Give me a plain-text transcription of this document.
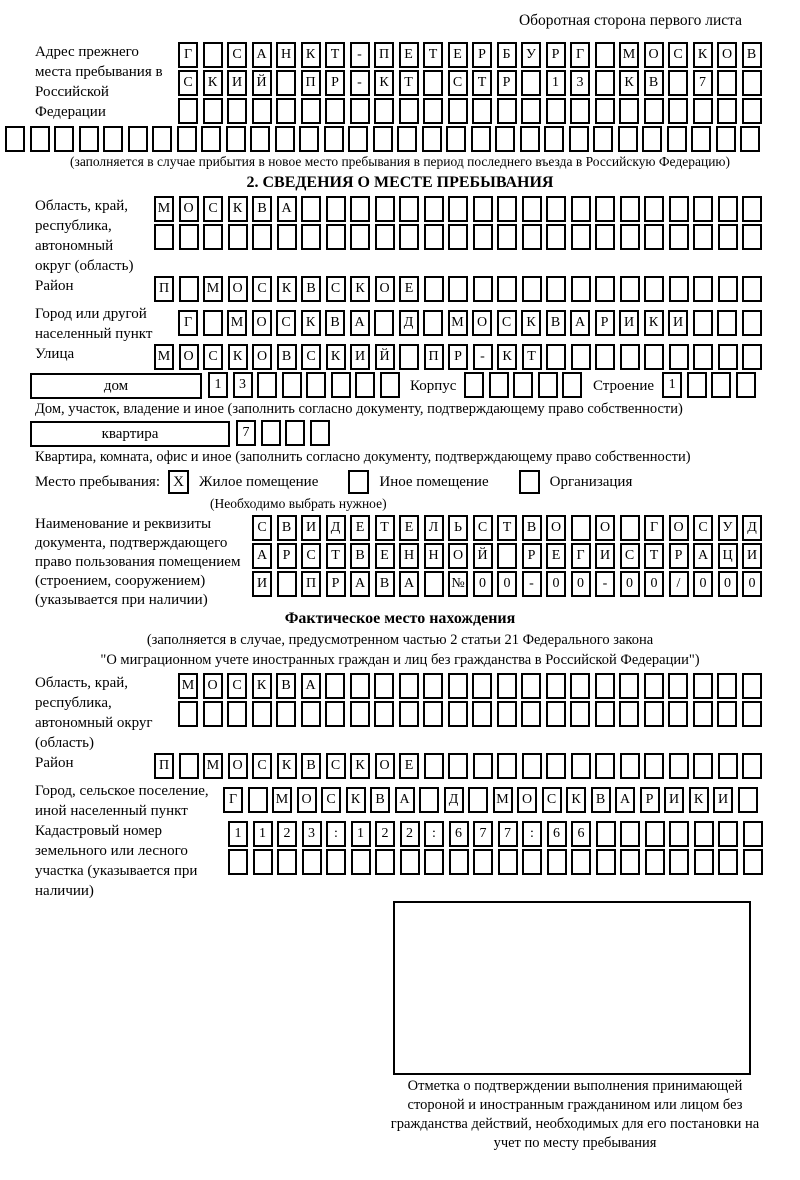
Оборотная сторона первого листа
Адрес прежнего места пребывания в Российской Федерации
Г	С А Н К Т - П Е Т Е Р Б У Р Г	М О С К О В
С К И Й	П Р - К Т	С Т Р	1 3	К В	7
(заполняется в случае прибытия в новое место пребывания в период последнего въезда в Российскую Федерацию)
2. СВЕДЕНИЯ О МЕСТЕ ПРЕБЫВАНИЯ
Область, край, республика, автономный округ (область)
М О С К В А
Район	П	М О С К В С К О Е
Город или другой населенный пункт
Г	М О С К В А	Д	М О С К В А Р И К И
Улица	М О С К О В С К И Й	П Р - К Т
дом	1 3	Корпус	Строение	1
Дом, участок, владение и иное (заполнить согласно документу, подтверждающему право собственности)
квартира	7
Квартира, комната, офис и иное (заполнить согласно документу, подтверждающему право собственности)
Место пребывания: X	Жилое помещение	Иное помещение	Организация
(Необходимо выбрать нужное)
Наименование и реквизиты документа, подтверждающего право пользования помещением (строением, сооружением) (указывается при наличии)
С В И Д Е Т Е Л Ь С Т В О	О	Г О С У Д
А Р С Т В Е Н Н О Й	Р Е Г И С Т Р А Ц И
И	П Р А В А	№ 0 0 - 0 0 - 0 0 / 0 0 0
Фактическое место нахождения
(заполняется в случае, предусмотренном частью 2 статьи 21 Федерального закона
"О миграционном учете иностранных граждан и лиц без гражданства в Российской Федерации")
Область, край, республика, автономный округ (область)
М О С К В А
Район	П	М О С К В С К О Е
Город, сельское поселение, иной населенный пункт
Г	М О С К В А	Д	М О С К В А Р И К И
Кадастровый номер земельного или лесного участка (указывается при наличии)
1 1 2 3 : 1 2 2 : 6 7 7 : 6 6
Отметка о подтверждении выполнения принимающей стороной и иностранным гражданином или лицом без гражданства действий, необходимых для его постановки на учет по месту пребывания
